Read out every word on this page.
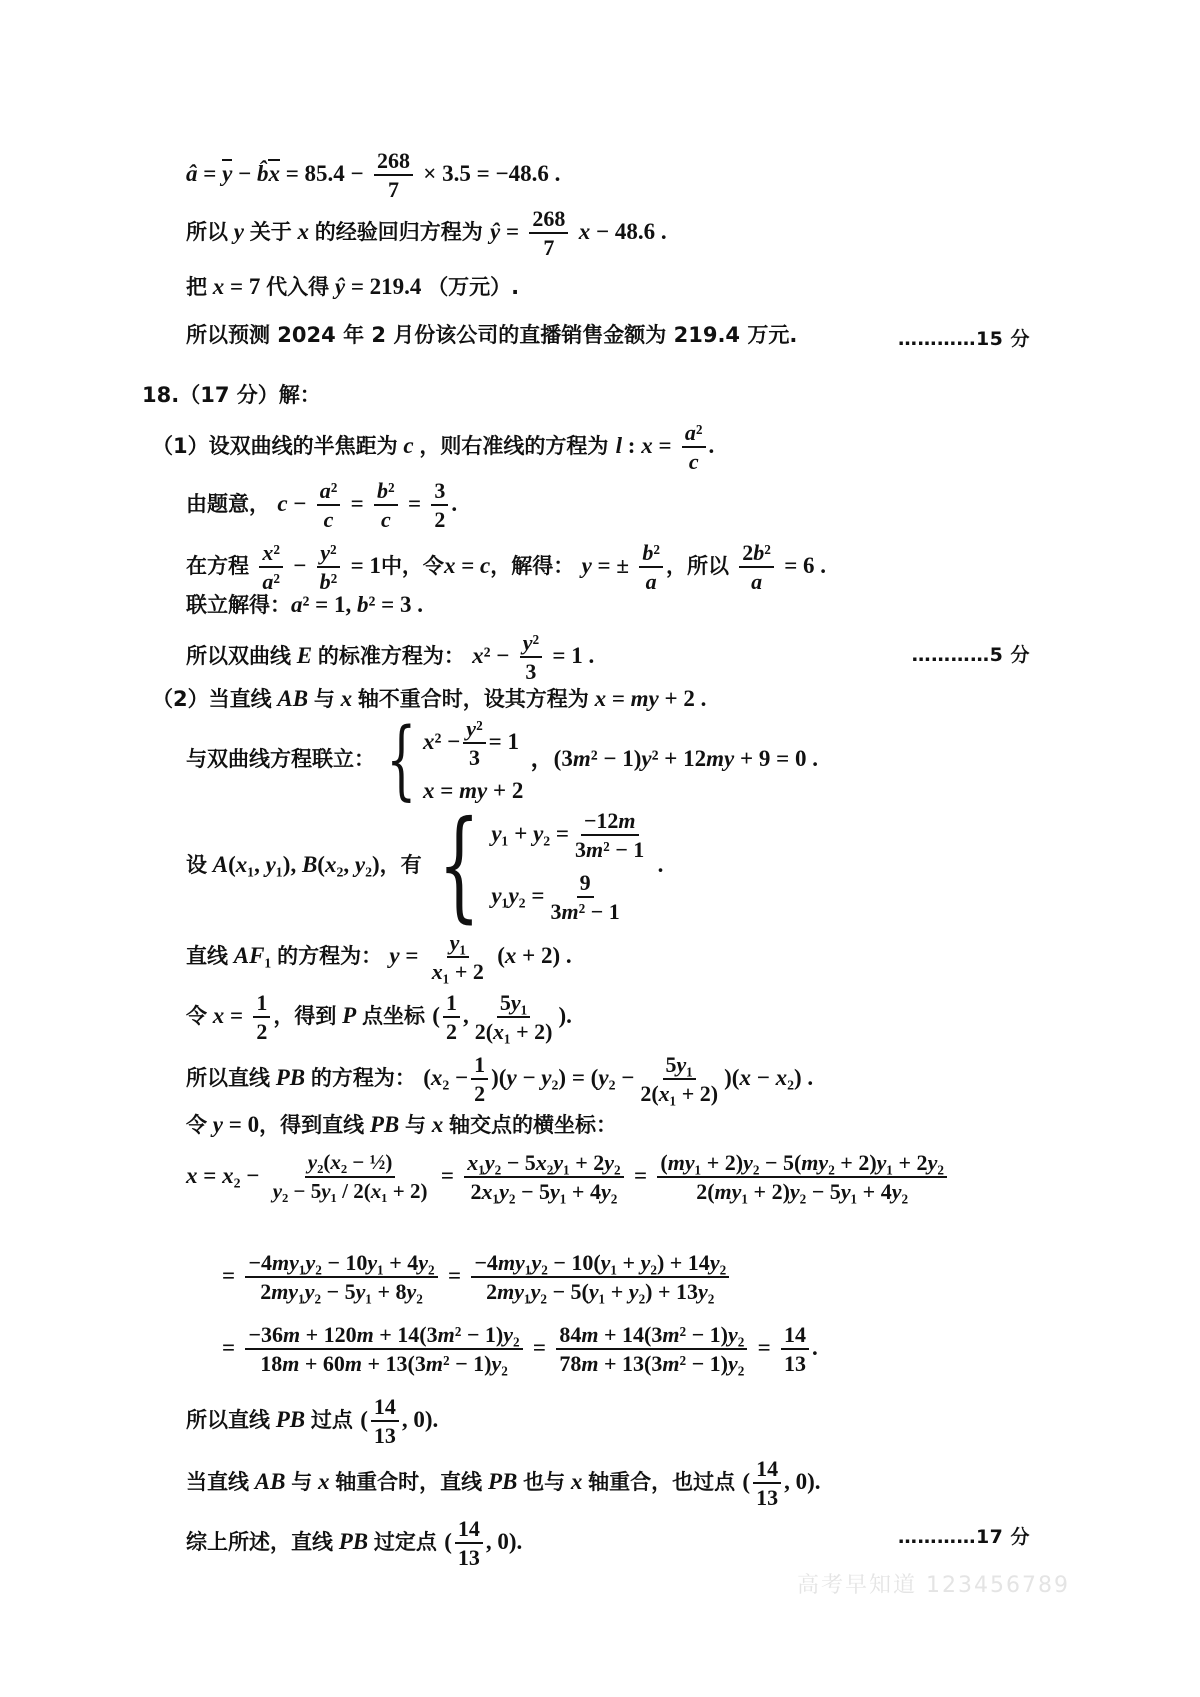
â = y − b̂x = $85.4 - \frac{268}{7} \times 3.5 = -48.6$ .
所以 y 关于 x 的经验回归方程为 ŷ = $\frac{268}{7}$ x − 48.6 .
把 x = 7 代入得 ŷ = 219.4 （万元）.
所以预测 2024 年 2 月份该公司的直播销售金额为 219.4 万元.	…………15 分
18.（17 分）解：
（1）设双曲线的半焦距为 c ，则右准线的方程为 l : $x = \frac{\text{a²}}{c}$ .
由题意， $c - \frac{\text{a²}}{c} = \frac{\text{b²}}{c} = \frac{3}{2}$ .
在方程 $\frac{\text{x²}}{\text{a²}} - \frac{\text{y²}}{\text{b²}} = 1$中，令x = c，解得： y = ± $\frac{\text{b²}}{a}$ ，所以 $\frac{\text{2b²}}{a} = 6$ .
联立解得：a² = 1, b² = 3 .
所以双曲线 E 的标准方程为： $x^2 - \frac{\text{y²}}{3} = 1$ .	…………5 分
（2）当直线 AB 与 x 轴不重合时，设其方程为 x = my + 2 .
与双曲线方程联立： { $x^2 - \frac{\text{y²}}{3} = 1$
x = my + 2
，(3m² − 1)y² + 12my + 9 = 0 .
设 A(x₁, y₁), B(x₂, y₂)，有 { $y_1 + y_2 = \frac{-12m}{\text{3m² − 1}}$
$y_1y_2 = \frac{9}{\text{3m² − 1}}$
.
直线 AF₁ 的方程为： $y = \frac{\text{y₁}}{\text{x₁ + 2}} (x + 2)$ .
令 $x = \frac{1}{2}$ ，得到 P 点坐标 ( $\frac{1}{2}$ , $\frac{\text{5y₁}}{\text{2(x₁ + 2)}}$ ).
所以直线 PB 的方程为： $(x_2 - \frac{1}{2} )(y - y_2) = (y_2 - \frac{\text{5y₁}}{\text{2(x₁ + 2)}} )(x - x_2)$ .
令 y = 0，得到直线 PB 与 x 轴交点的横坐标：
$x = x_2 - \frac{\text{y₂(x₂ − ½)}}{\text{y₂ − 5y₁ / 2(x₁ + 2)}} = \frac{\text{x₁y₂ − 5x₂y₁ + 2y₂}}{\text{2x₁y₂ − 5y₁ + 4y₂}} = \frac{\text{(my₁ + 2)y₂ − 5(my₂ + 2)y₁ + 2y₂}}{\text{2(my₁ + 2)y₂ − 5y₁ + 4y₂}}$
= $\frac{\text{−4my₁y₂ − 10y₁ + 4y₂}}{\text{2my₁y₂ − 5y₁ + 8y₂}} = \frac{\text{−4my₁y₂ − 10(y₁ + y₂) + 14y₂}}{\text{2my₁y₂ − 5(y₁ + y₂) + 13y₂}}$
= $\frac{\text{−36m + 120m + 14(3m² − 1)y₂}}{\text{18m + 60m + 13(3m² − 1)y₂}} = \frac{\text{84m + 14(3m² − 1)y₂}}{\text{78m + 13(3m² − 1)y₂}} = \frac{14}{13}$ .
所以直线 PB 过点 ( $\frac{14}{13}$ , 0).
当直线 AB 与 x 轴重合时，直线 PB 也与 x 轴重合，也过点 ( $\frac{14}{13}$ , 0).
综上所述，直线 PB 过定点 ( $\frac{14}{13}$ , 0).	…………17 分
高考早知道 123456789
